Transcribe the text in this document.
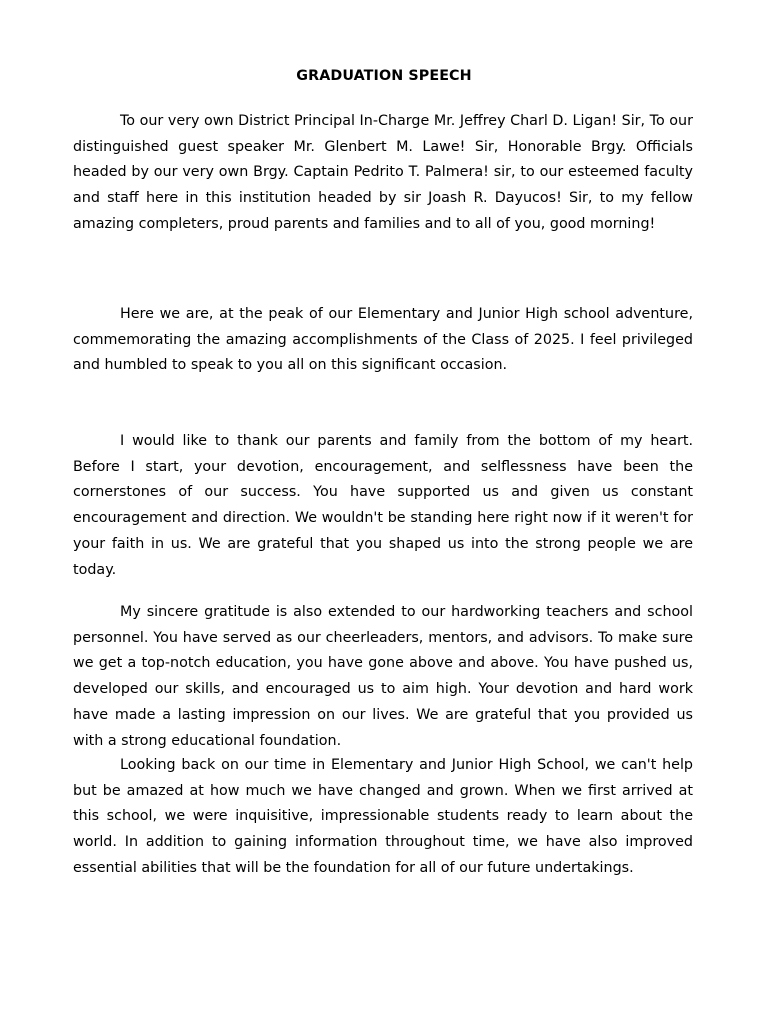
GRADUATION SPEECH

To our very own District Principal In-Charge Mr. Jeffrey Charl D. Ligan! Sir, To our distinguished guest speaker Mr. Glenbert M. Lawe! Sir, Honorable Brgy. Officials headed by our very own Brgy. Captain Pedrito T. Palmera! sir, to our esteemed faculty and staff here in this institution headed by sir Joash R. Dayucos! Sir, to my fellow amazing completers, proud parents and families and to all of you, good morning!

Here we are, at the peak of our Elementary and Junior High school adventure, commemorating the amazing accomplishments of the Class of 2025. I feel privileged and humbled to speak to you all on this significant occasion.

I would like to thank our parents and family from the bottom of my heart. Before I start, your devotion, encouragement, and selflessness have been the cornerstones of our success. You have supported us and given us constant encouragement and direction. We wouldn't be standing here right now if it weren't for your faith in us. We are grateful that you shaped us into the strong people we are today.

My sincere gratitude is also extended to our hardworking teachers and school personnel. You have served as our cheerleaders, mentors, and advisors. To make sure we get a top-notch education, you have gone above and above. You have pushed us, developed our skills, and encouraged us to aim high. Your devotion and hard work have made a lasting impression on our lives. We are grateful that you provided us with a strong educational foundation.

Looking back on our time in Elementary and Junior High School, we can't help but be amazed at how much we have changed and grown. When we first arrived at this school, we were inquisitive, impressionable students ready to learn about the world. In addition to gaining information throughout time, we have also improved essential abilities that will be the foundation for all of our future undertakings.
